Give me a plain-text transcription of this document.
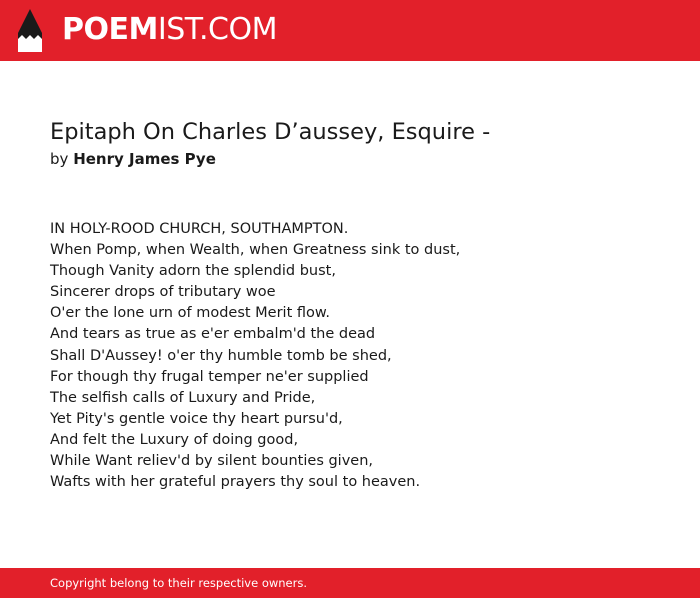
POEMIST.COM
Epitaph On Charles D’aussey, Esquire -
by Henry James Pye
IN HOLY-ROOD CHURCH, SOUTHAMPTON.
When Pomp, when Wealth, when Greatness sink to dust,
Though Vanity adorn the splendid bust,
Sincerer drops of tributary woe
O'er the lone urn of modest Merit flow.
And tears as true as e'er embalm'd the dead
Shall D'Aussey! o'er thy humble tomb be shed,
For though thy frugal temper ne'er supplied
The selfish calls of Luxury and Pride,
Yet Pity's gentle voice thy heart pursu'd,
And felt the Luxury of doing good,
While Want reliev'd by silent bounties given,
Wafts with her grateful prayers thy soul to heaven.
Copyright belong to their respective owners.
